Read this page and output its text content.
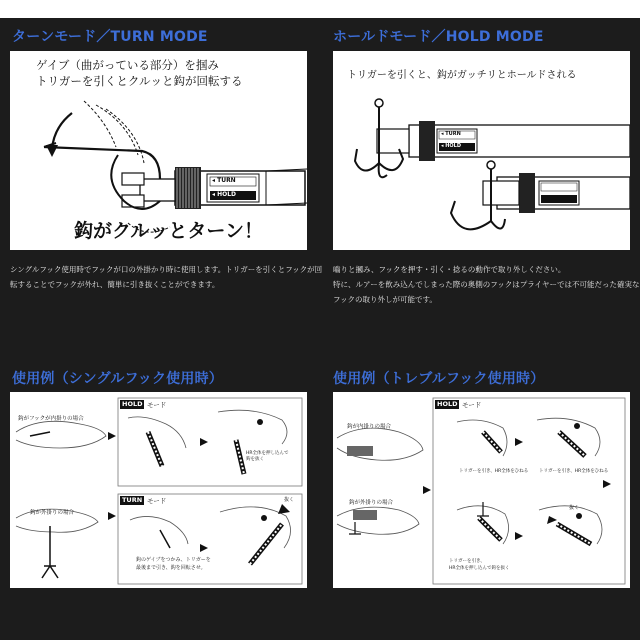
ターンモード／TURN MODE
ゲイブ（曲がっている部分）を掴み
トリガーを引くとクルッと鈎が回転する
◂ TURN
◂ HOLD
鈎がクルッとターン！

シングルフック使用時でフックが口の外掛かり時に使用します。トリガーを引くとフックが回

転することでフックが外れ、簡単に引き抜くことができます。

ホールドモード／HOLD MODE
トリガーを引くと、鈎がガッチリとホールドされる
◂ TURN
◂ HOLD

嚙りと摑み、フックを押す・引く・捻るの動作で取り外しください。

特に、ルアーを飲み込んでしまった際の奥側のフックはプライヤーでは不可能だった確実な

フックの取り外しが可能です。

使用例（シングルフック使用時）
HOLD モード
鈎がフックが内掛りの場合
HR全体を押し込んで
鈎を抜く
TURN モード
鈎が外掛りの場合
鈎のゲイブをつかみ、トリガーを
最後まで引き、鈎を回転させ。
抜く
使用例（トレブルフック使用時）
HOLD モード
鈎が内掛りの場合
鈎が外掛りの場合
トリガーを引き、HR全体をひねる トリガーを引き、HR全体をひねる
トリガーを引き、
HR全体を押し込んで鈎を抜く
抜く
